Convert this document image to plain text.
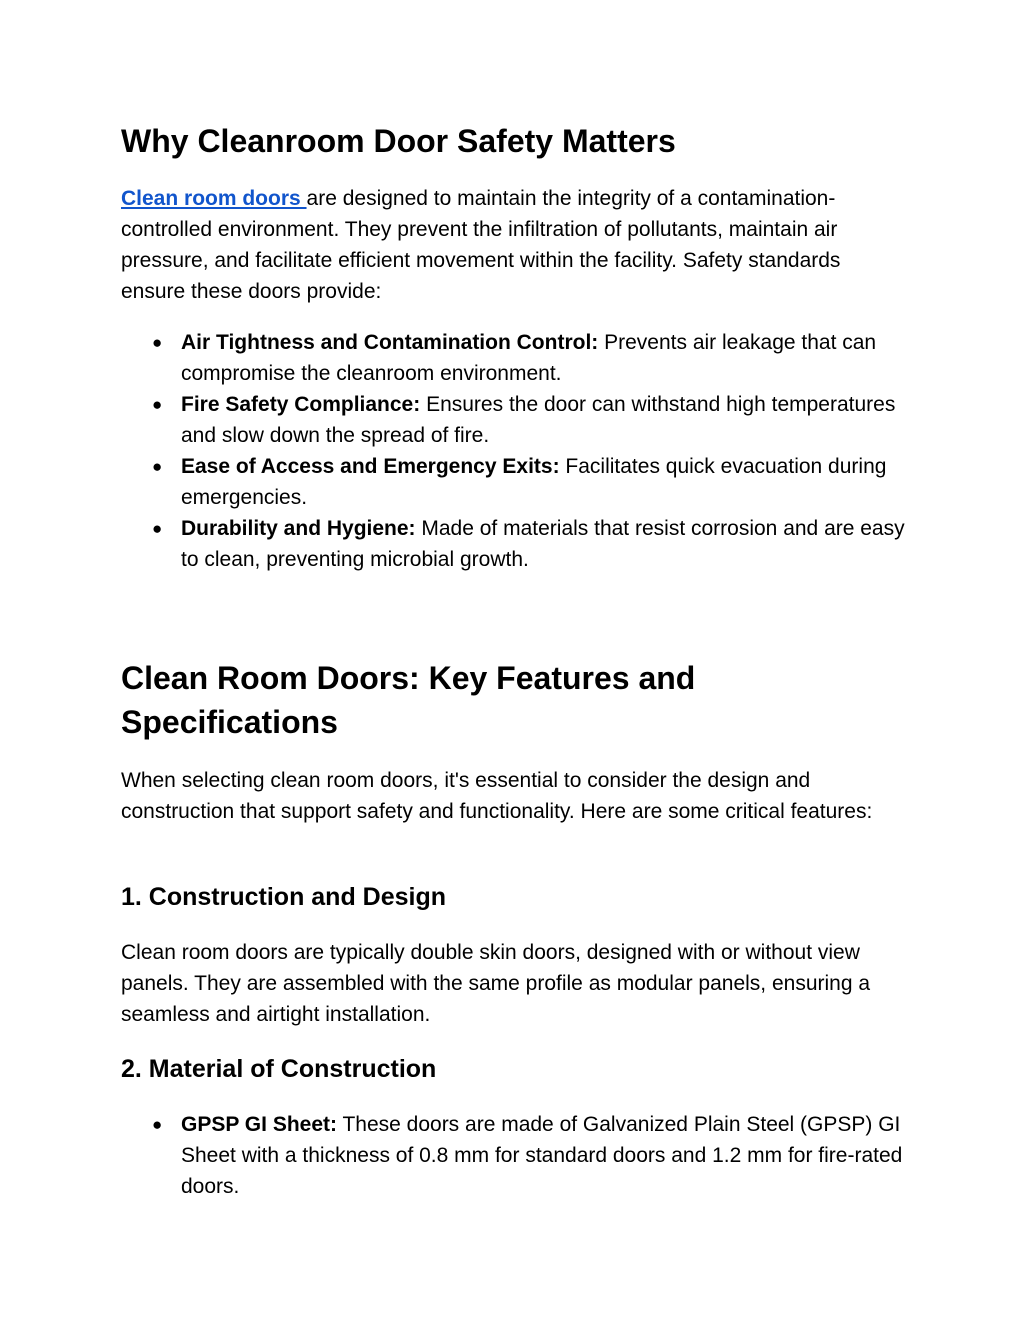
Why Cleanroom Door Safety Matters

Clean room doors are designed to maintain the integrity of a contamination-controlled environment. They prevent the infiltration of pollutants, maintain air pressure, and facilitate efficient movement within the facility. Safety standards ensure these doors provide:

● Air Tightness and Contamination Control: Prevents air leakage that can compromise the cleanroom environment.
● Fire Safety Compliance: Ensures the door can withstand high temperatures and slow down the spread of fire.
● Ease of Access and Emergency Exits: Facilitates quick evacuation during emergencies.
● Durability and Hygiene: Made of materials that resist corrosion and are easy to clean, preventing microbial growth.
Clean Room Doors: Key Features and Specifications

When selecting clean room doors, it's essential to consider the design and construction that support safety and functionality. Here are some critical features:

1. Construction and Design

Clean room doors are typically double skin doors, designed with or without view panels. They are assembled with the same profile as modular panels, ensuring a seamless and airtight installation.

2. Material of Construction
● GPSP GI Sheet: These doors are made of Galvanized Plain Steel (GPSP) GI Sheet with a thickness of 0.8 mm for standard doors and 1.2 mm for fire-rated doors.
